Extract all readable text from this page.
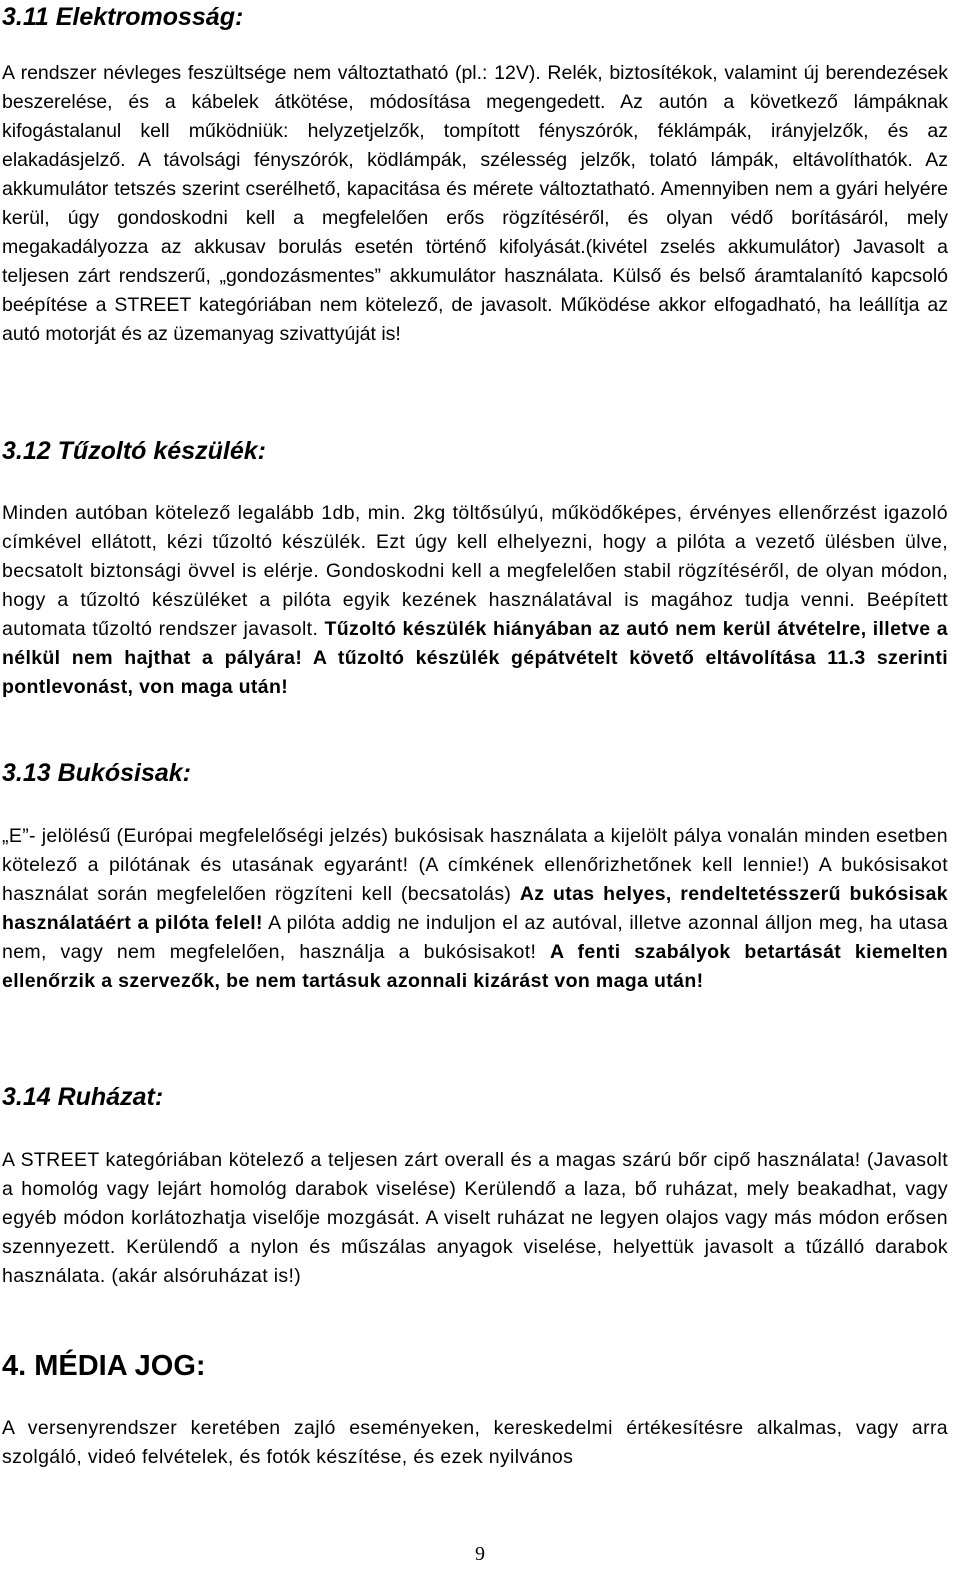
3.11 Elektromosság:

A rendszer névleges feszültsége nem változtatható (pl.: 12V). Relék, biztosítékok, valamint új berendezések beszerelése, és a kábelek átkötése, módosítása megengedett. Az autón a következő lámpáknak kifogástalanul kell működniük: helyzetjelzők, tompított fényszórók, féklámpák, irányjelzők, és az elakadásjelző. A távolsági fényszórók, ködlámpák, szélesség jelzők, tolató lámpák, eltávolíthatók. Az akkumulátor tetszés szerint cserélhető, kapacitása és mérete változtatható. Amennyiben nem a gyári helyére kerül, úgy gondoskodni kell a megfelelően erős rögzítéséről, és olyan védő borításáról, mely megakadályozza az akkusav borulás esetén történő kifolyását.(kivétel zselés akkumulátor) Javasolt a teljesen zárt rendszerű, „gondozásmentes” akkumulátor használata. Külső és belső áramtalanító kapcsoló beépítése a STREET kategóriában nem kötelező, de javasolt. Működése akkor elfogadható, ha leállítja az autó motorját és az üzemanyag szivattyúját is!

3.12 Tűzoltó készülék:

Minden autóban kötelező legalább 1db, min. 2kg töltősúlyú, működőképes, érvényes ellenőrzést igazoló címkével ellátott, kézi tűzoltó készülék. Ezt úgy kell elhelyezni, hogy a pilóta a vezető ülésben ülve, becsatolt biztonsági övvel is elérje. Gondoskodni kell a megfelelően stabil rögzítéséről, de olyan módon, hogy a tűzoltó készüléket a pilóta egyik kezének használatával is magához tudja venni. Beépített automata tűzoltó rendszer javasolt. Tűzoltó készülék hiányában az autó nem kerül átvételre, illetve a nélkül nem hajthat a pályára! A tűzoltó készülék gépátvételt követő eltávolítása 11.3 szerinti pontlevonást, von maga után!

3.13 Bukósisak:

„E”- jelölésű (Európai megfelelőségi jelzés) bukósisak használata a kijelölt pálya vonalán minden esetben kötelező a pilótának és utasának egyaránt! (A címkének ellenőrizhetőnek kell lennie!) A bukósisakot használat során megfelelően rögzíteni kell (becsatolás) Az utas helyes, rendeltetésszerű bukósisak használatáért a pilóta felel! A pilóta addig ne induljon el az autóval, illetve azonnal álljon meg, ha utasa nem, vagy nem megfelelően, használja a bukósisakot! A fenti szabályok betartását kiemelten ellenőrzik a szervezők, be nem tartásuk azonnali kizárást von maga után!

3.14 Ruházat:

A STREET kategóriában kötelező a teljesen zárt overall és a magas szárú bőr cipő használata! (Javasolt a homológ vagy lejárt homológ darabok viselése) Kerülendő a laza, bő ruházat, mely beakadhat, vagy egyéb módon korlátozhatja viselője mozgását. A viselt ruházat ne legyen olajos vagy más módon erősen szennyezett. Kerülendő a nylon és műszálas anyagok viselése, helyettük javasolt a tűzálló darabok használata. (akár alsóruházat is!)

4. MÉDIA JOG:

A versenyrendszer keretében zajló eseményeken, kereskedelmi értékesítésre alkalmas, vagy arra szolgáló, videó felvételek, és fotók készítése, és ezek nyilvános

9
